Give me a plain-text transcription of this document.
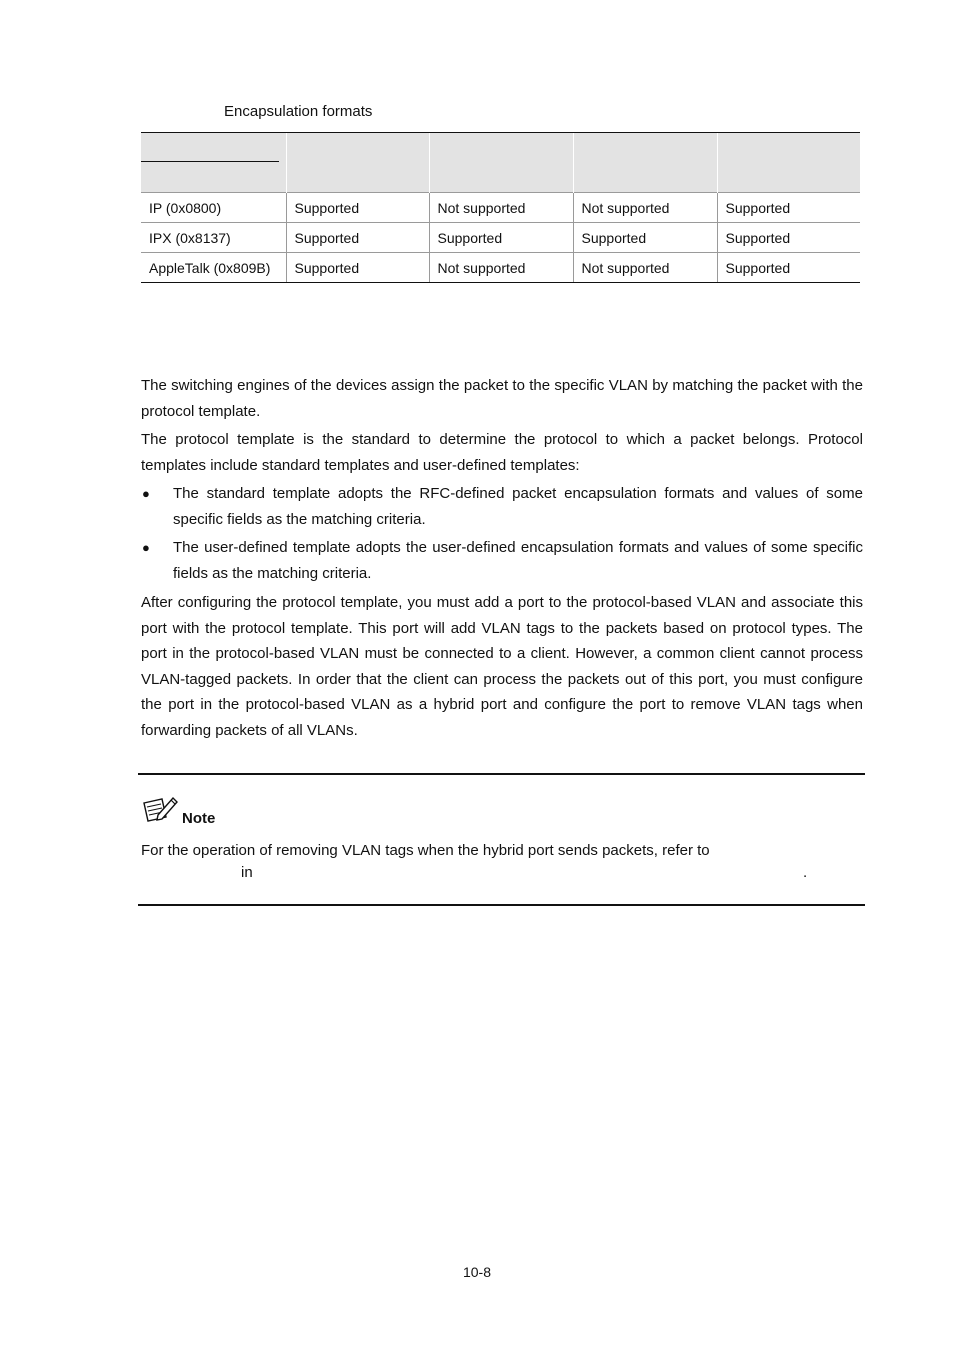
Encapsulation formats

IP (0x0800)	Supported	Not supported	Not supported	Supported
IPX (0x8137)	Supported	Supported	Supported	Supported
AppleTalk (0x809B)	Supported	Not supported	Not supported	Supported

The switching engines of the devices assign the packet to the specific VLAN by matching the packet with the protocol template.

The protocol template is the standard to determine the protocol to which a packet belongs. Protocol templates include standard templates and user-defined templates:

● The standard template adopts the RFC-defined packet encapsulation formats and values of some specific fields as the matching criteria.
● The user-defined template adopts the user-defined encapsulation formats and values of some specific fields as the matching criteria.

After configuring the protocol template, you must add a port to the protocol-based VLAN and associate this port with the protocol template. This port will add VLAN tags to the packets based on protocol types. The port in the protocol-based VLAN must be connected to a client. However, a common client cannot process VLAN-tagged packets. In order that the client can process the packets out of this port, you must configure the port in the protocol-based VLAN as a hybrid port and configure the port to remove VLAN tags when forwarding packets of all VLANs.

Note
For the operation of removing VLAN tags when the hybrid port sends packets, refer to
in	.
10-8
